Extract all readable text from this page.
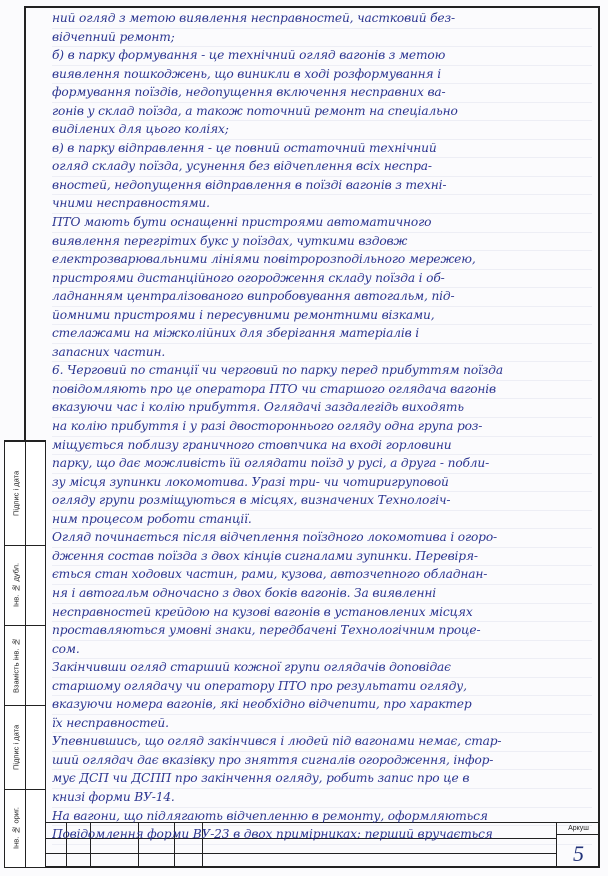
Підпис і дата
Інв. № дубл.
Взамість інв. №
Підпис і дата
Інв. № ориг.	Аркуш
5
ний огляд з метою виявлення несправностей, частковий без-
відчепний ремонт;
б) в парку формування - це технічний огляд вагонів з метою
виявлення пошкоджень, що виникли в ході розформування і
формування поїздів, недопущення включення несправних ва-
гонів у склад поїзда, а також поточний ремонт на спеціально
виділених для цього коліях;
в) в парку відправлення - це повний остаточний технічний
огляд складу поїзда, усунення без відчеплення всіх неспра-
вностей, недопущення відправлення в поїзді вагонів з техні-
чними несправностями.
ПТО мають бути оснащенні пристроями автоматичного
виявлення перегрітих букс у поїздах, чуткими вздовж
електрозварювальними лініями повітророзподільного мережею,
пристроями дистанційного огородження складу поїзда і об-
ладнанням централізованого випробовування автогальм, під-
йомними пристроями і пересувними ремонтними візками,
стелажами на міжколійних для зберігання матеріалів і
запасних частин.
6. Черговий по станції чи черговий по парку перед прибуттям поїзда
повідомляють про це оператора ПТО чи старшого оглядача вагонів
вказуючи час і колію прибуття. Оглядачі заздалегідь виходять
на колію прибуття і у разі двостороннього огляду одна група роз-
міщується поблизу граничного стовпчика на вході горловини
парку, що дає можливість їй оглядати поїзд у русі, а друга - побли-
зу місця зупинки локомотива. Уразі три- чи чотиригруповой
огляду групи розміщуються в місцях, визначених Технологіч-
ним процесом роботи станції.
Огляд починається після відчеплення поїздного локомотива і огоро-
дження состав поїзда з двох кінців сигналами зупинки. Перевіря-
ється стан ходових частин, рами, кузова, автозчепного обладнан-
ня і автогальм одночасно з двох боків вагонів. За виявленні
несправностей крейдою на кузові вагонів в установлених місцях
проставляються умовні знаки, передбачені Технологічним проце-
сом.
Закінчивши огляд старший кожної групи оглядачів доповідає
старшому оглядачу чи оператору ПТО про результати огляду,
вказуючи номера вагонів, які необхідно відчепити, про характер
їх несправностей.
Упевнившись, що огляд закінчився і людей під вагонами немає, стар-
ший оглядач дає вказівку про зняття сигналів огородження, інфор-
мує ДСП чи ДСПП про закінчення огляду, робить запис про це в
книзі форми ВУ-14.
На вагони, що підлягають відчепленню в ремонту, оформляються
Повідомлення форми ВУ-23 в двох примірниках: перший вручається
